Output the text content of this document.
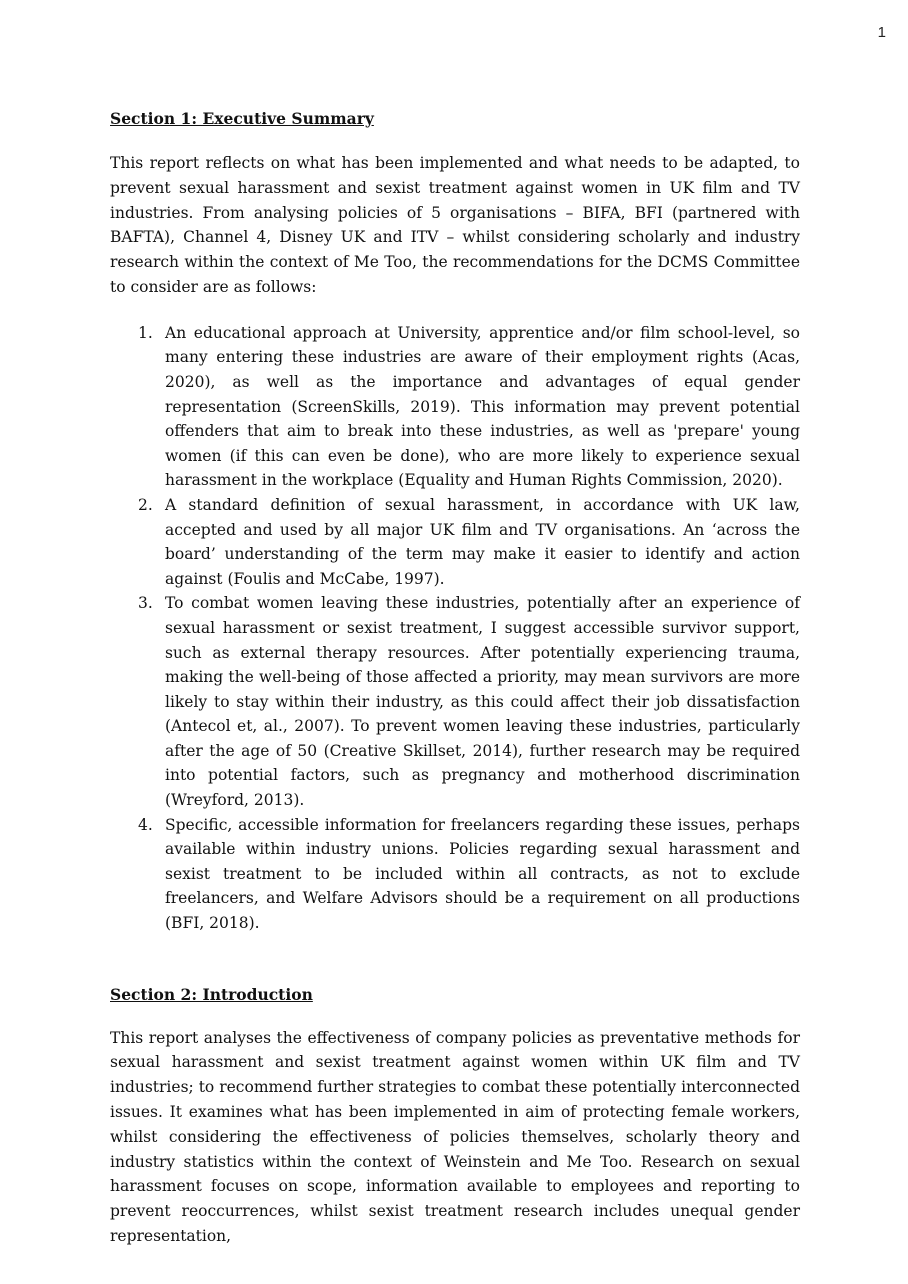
1
Section 1: Executive Summary

This report reflects on what has been implemented and what needs to be adapted, to prevent sexual harassment and sexist treatment against women in UK film and TV industries. From analysing policies of 5 organisations – BIFA, BFI (partnered with BAFTA), Channel 4, Disney UK and ITV – whilst considering scholarly and industry research within the context of Me Too, the recommendations for the DCMS Committee to consider are as follows:

1. An educational approach at University, apprentice and/or film school-level, so many entering these industries are aware of their employment rights (Acas, 2020), as well as the importance and advantages of equal gender representation (ScreenSkills, 2019). This information may prevent potential offenders that aim to break into these industries, as well as 'prepare' young women (if this can even be done), who are more likely to experience sexual harassment in the workplace (Equality and Human Rights Commission, 2020).
2. A standard definition of sexual harassment, in accordance with UK law, accepted and used by all major UK film and TV organisations. An ‘across the board’ understanding of the term may make it easier to identify and action against (Foulis and McCabe, 1997).
3. To combat women leaving these industries, potentially after an experience of sexual harassment or sexist treatment, I suggest accessible survivor support, such as external therapy resources. After potentially experiencing trauma, making the well-being of those affected a priority, may mean survivors are more likely to stay within their industry, as this could affect their job dissatisfaction (Antecol et, al., 2007). To prevent women leaving these industries, particularly after the age of 50 (Creative Skillset, 2014), further research may be required into potential factors, such as pregnancy and motherhood discrimination (Wreyford, 2013).
4. Specific, accessible information for freelancers regarding these issues, perhaps available within industry unions. Policies regarding sexual harassment and sexist treatment to be included within all contracts, as not to exclude freelancers, and Welfare Advisors should be a requirement on all productions (BFI, 2018).
Section 2: Introduction

This report analyses the effectiveness of company policies as preventative methods for sexual harassment and sexist treatment against women within UK film and TV industries; to recommend further strategies to combat these potentially interconnected issues. It examines what has been implemented in aim of protecting female workers, whilst considering the effectiveness of policies themselves, scholarly theory and industry statistics within the context of Weinstein and Me Too. Research on sexual harassment focuses on scope, information available to employees and reporting to prevent reoccurrences, whilst sexist treatment research includes unequal gender representation,
